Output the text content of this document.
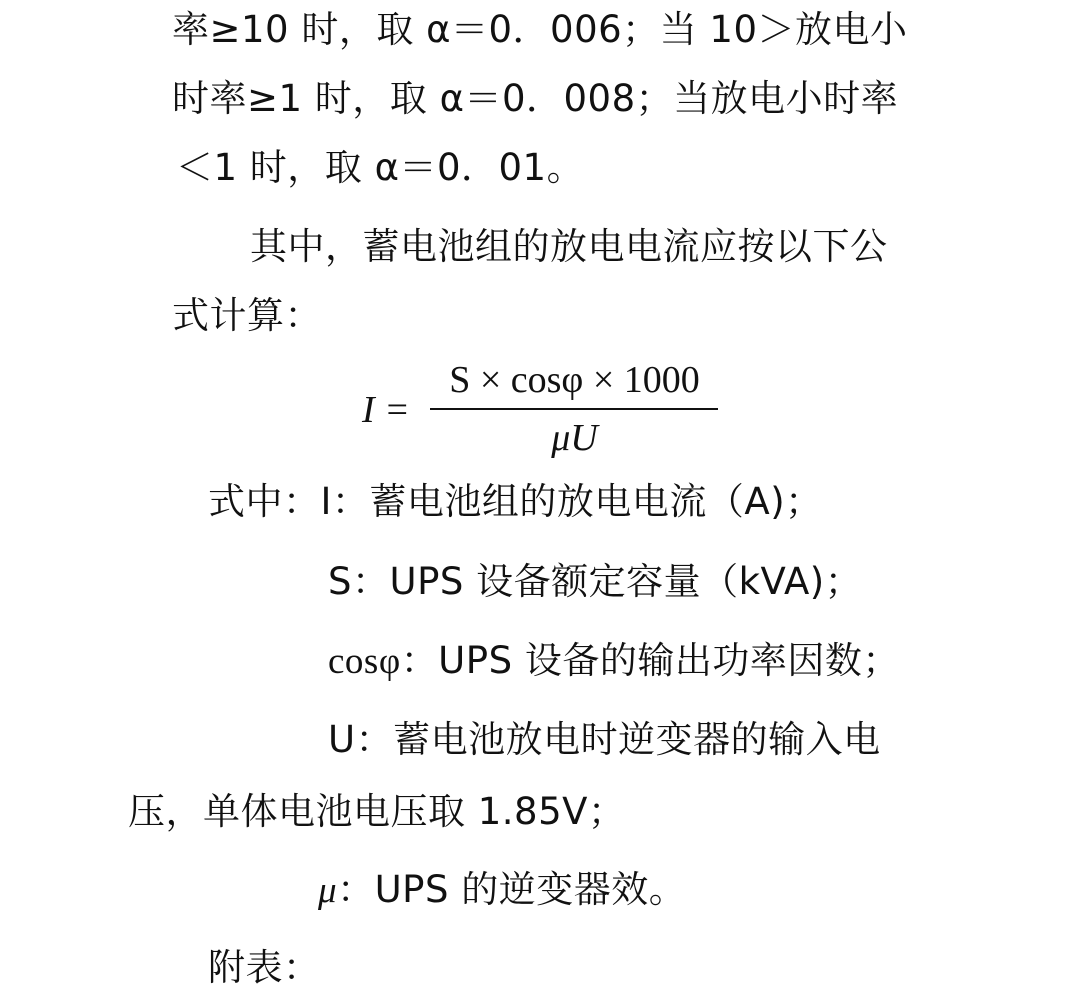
率≥10 时，取 α＝0．006；当 10＞放电小
时率≥1 时，取 α＝0．008；当放电小时率
＜1 时，取 α＝0．01。
其中，蓄电池组的放电电流应按以下公
式计算：
I =
S × cosφ × 1000
μU
式中：I：蓄电池组的放电电流（A)；
S：UPS 设备额定容量（kVA)；
cosφ：UPS 设备的输出功率因数；
U：蓄电池放电时逆变器的输入电
压，单体电池电压取 1.85V；
μ：UPS 的逆变器效。
附表：
